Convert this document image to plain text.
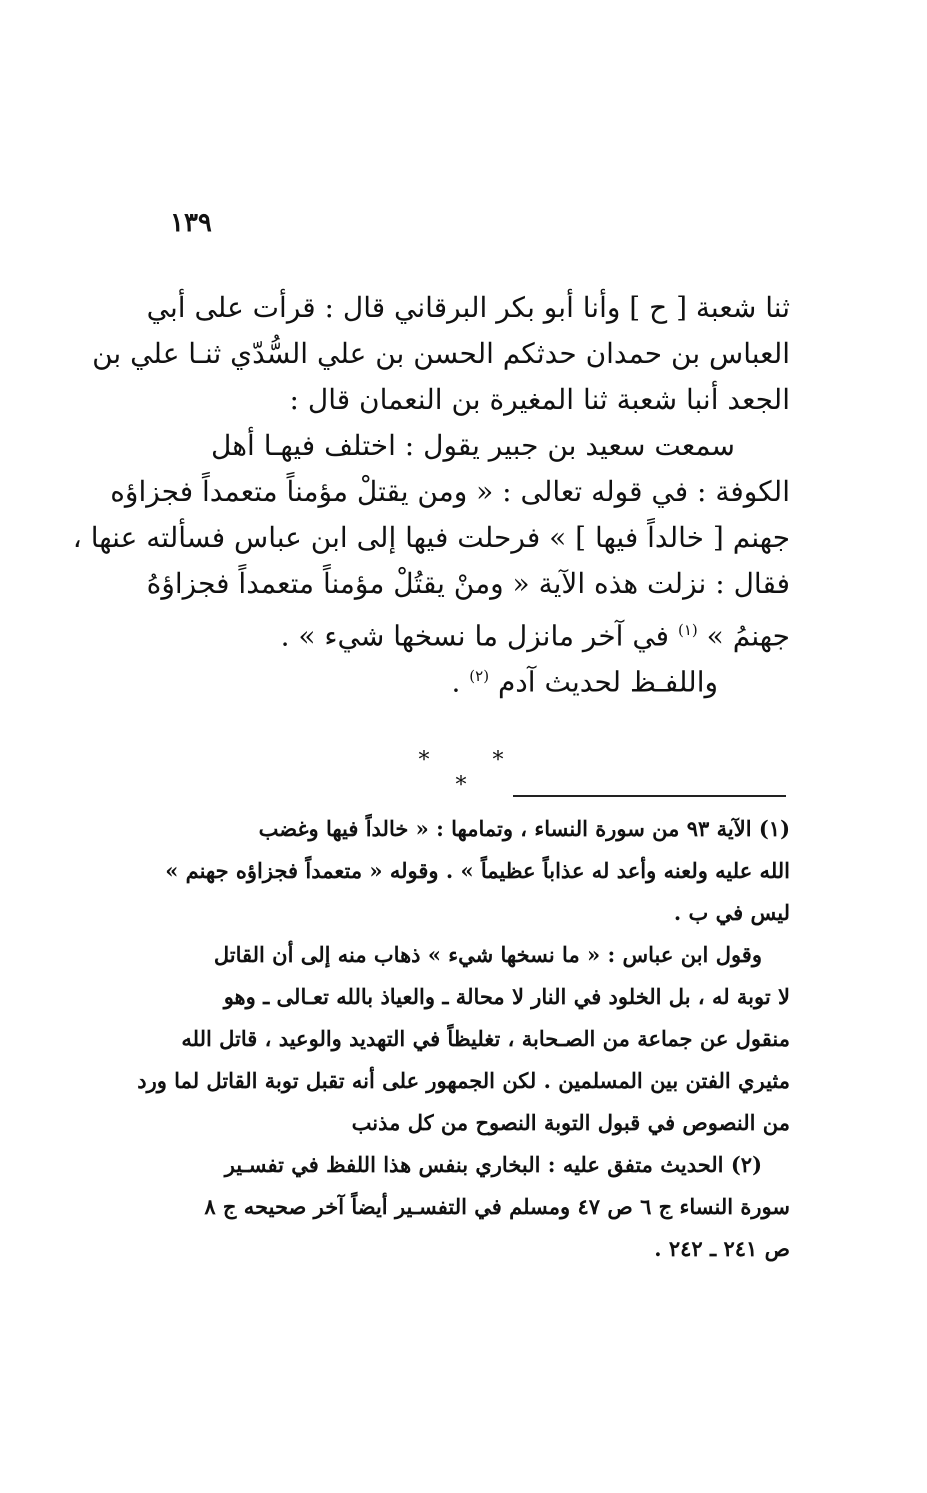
١٣٩
ثنا شعبة [ ح ] وأنا أبو بكر البرقاني قال : قرأت على أبي
العباس بن حمدان حدثكم الحسن بن علي السُّدّي ثنـا علي بن
الجعد أنبا شعبة ثنا المغيرة بن النعمان قال :
سمعت سعيد بن جبير يقول : اختلف فيهـا أهل
الكوفة : في قوله تعالى : « ومن يقتلْ مؤمناً متعمداً فجزاؤه
جهنم [ خالداً فيها ] » فرحلت فيها إلى ابن عباس فسألته عنها ،
فقال : نزلت هذه الآية « ومنْ يقتُلْ مؤمناً متعمداً فجزاؤهُ
جهنمُ » $^{(١)}$ في آخر مانزل ما نسخها شيء » .
واللفـظ لحديث آدم $^{(٢)}$ .
* * *
(١) الآية ٩٣ من سورة النساء ، وتمامها : « خالداً فيها وغضب
الله عليه ولعنه وأعد له عذاباً عظيماً » . وقوله « متعمداً فجزاؤه جهنم »
ليس في ب .
وقول ابن عباس : « ما نسخها شيء » ذهاب منه إلى أن القاتل
لا توبة له ، بل الخلود في النار لا محالة ـ والعياذ بالله تعـالى ـ وهو
منقول عن جماعة من الصـحابة ، تغليظاً في التهديد والوعيد ، قاتل الله
مثيري الفتن بين المسلمين . لكن الجمهور على أنه تقبل توبة القاتل لما ورد
من النصوص في قبول التوبة النصوح من كل مذنب
(٢) الحديث متفق عليه : البخاري بنفس هذا اللفظ في تفسـير
سورة النساء ج ٦ ص ٤٧ ومسلم في التفسـير أيضاً آخر صحيحه ج ٨
ص ٢٤١ ـ ٢٤٢ .
